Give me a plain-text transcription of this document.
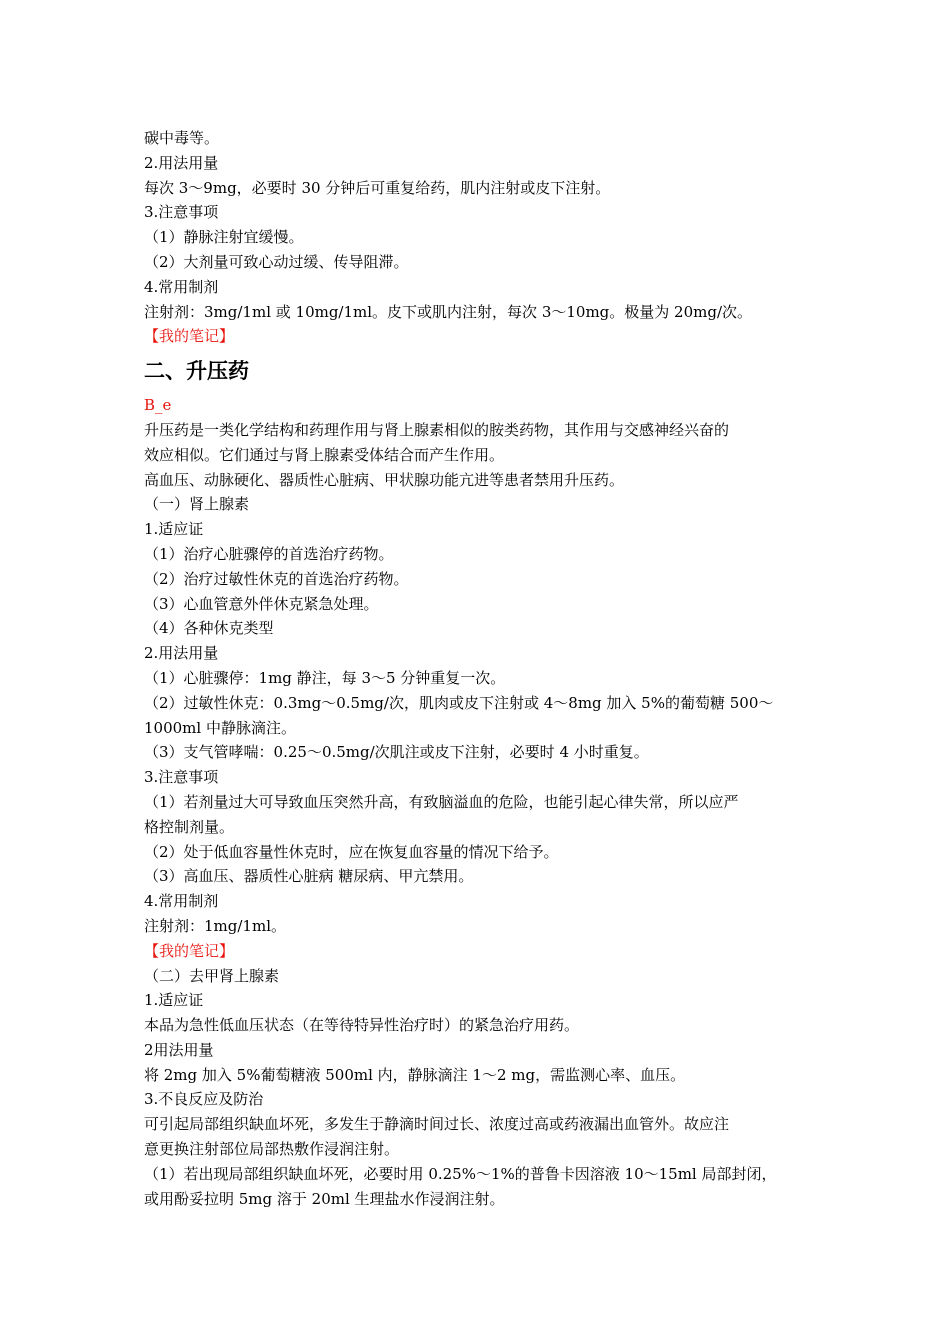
碳中毒等。
2.用法用量
每次 3～9mg，必要时 30 分钟后可重复给药，肌内注射或皮下注射。
3.注意事项
（1）静脉注射宜缓慢。
（2）大剂量可致心动过缓、传导阻滞。
4.常用制剂
注射剂：3mg/1ml 或 10mg/1ml。皮下或肌内注射，每次 3～10mg。极量为 20mg/次。
【我的笔记】
二、升压药
B_e
升压药是一类化学结构和药理作用与肾上腺素相似的胺类药物，其作用与交感神经兴奋的
效应相似。它们通过与肾上腺素受体结合而产生作用。
高血压、动脉硬化、器质性心脏病、甲状腺功能亢进等患者禁用升压药。
（一）肾上腺素
1.适应证
（1）治疗心脏骤停的首选治疗药物。
（2）治疗过敏性休克的首选治疗药物。
（3）心血管意外伴休克紧急处理。
（4）各种休克类型
2.用法用量
（1）心脏骤停：1mg 静注，每 3～5 分钟重复一次。
（2）过敏性休克：0.3mg～0.5mg/次，肌肉或皮下注射或 4～8mg 加入 5%的葡萄糖 500～
1000ml 中静脉滴注。
（3）支气管哮喘：0.25～0.5mg/次肌注或皮下注射，必要时 4 小时重复。
3.注意事项
（1）若剂量过大可导致血压突然升高，有致脑溢血的危险，也能引起心律失常，所以应严
格控制剂量。
（2）处于低血容量性休克时，应在恢复血容量的情况下给予。
（3）高血压、器质性心脏病 糖尿病、甲亢禁用。
4.常用制剂
注射剂：1mg/1ml。
【我的笔记】
（二）去甲肾上腺素
1.适应证
本品为急性低血压状态（在等待特异性治疗时）的紧急治疗用药。
2用法用量
将 2mg 加入 5%葡萄糖液 500ml 内，静脉滴注 1～2 mg，需监测心率、血压。
3.不良反应及防治
可引起局部组织缺血坏死，多发生于静滴时间过长、浓度过高或药液漏出血管外。故应注
意更换注射部位局部热敷作浸润注射。
（1）若出现局部组织缺血坏死，必要时用 0.25%～1%的普鲁卡因溶液 10～15ml 局部封闭，
或用酚妥拉明 5mg 溶于 20ml 生理盐水作浸润注射。
